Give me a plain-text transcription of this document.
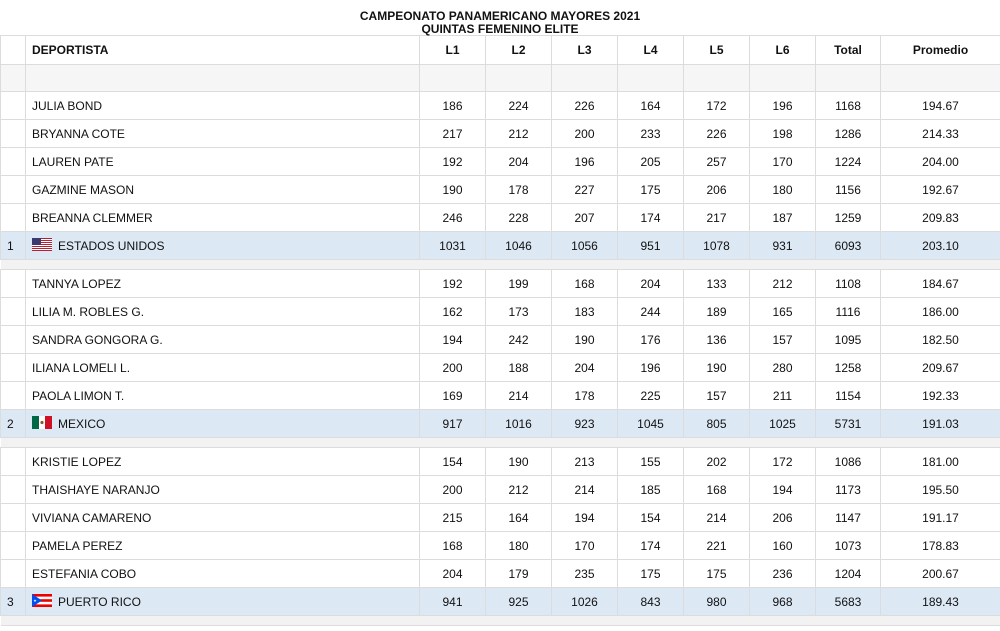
CAMPEONATO PANAMERICANO MAYORES 2021
QUINTAS FEMENINO ELITE
	DEPORTISTA	L1	L2	L3	L4	L5	L6	Total	Promedio

	JULIA BOND	186	224	226	164	172	196	1168	194.67
	BRYANNA COTE	217	212	200	233	226	198	1286	214.33
	LAUREN PATE	192	204	196	205	257	170	1224	204.00
	GAZMINE MASON	190	178	227	175	206	180	1156	192.67
	BREANNA CLEMMER	246	228	207	174	217	187	1259	209.83
1	ESTADOS UNIDOS	1031	1046	1056	951	1078	931	6093	203.10

	TANNYA LOPEZ	192	199	168	204	133	212	1108	184.67
	LILIA M. ROBLES G.	162	173	183	244	189	165	1116	186.00
	SANDRA GONGORA G.	194	242	190	176	136	157	1095	182.50
	ILIANA LOMELI L.	200	188	204	196	190	280	1258	209.67
	PAOLA LIMON T.	169	214	178	225	157	211	1154	192.33
2	MEXICO	917	1016	923	1045	805	1025	5731	191.03

	KRISTIE LOPEZ	154	190	213	155	202	172	1086	181.00
	THAISHAYE NARANJO	200	212	214	185	168	194	1173	195.50
	VIVIANA CAMARENO	215	164	194	154	214	206	1147	191.17
	PAMELA PEREZ	168	180	170	174	221	160	1073	178.83
	ESTEFANIA COBO	204	179	235	175	175	236	1204	200.67
3	PUERTO RICO	941	925	1026	843	980	968	5683	189.43
